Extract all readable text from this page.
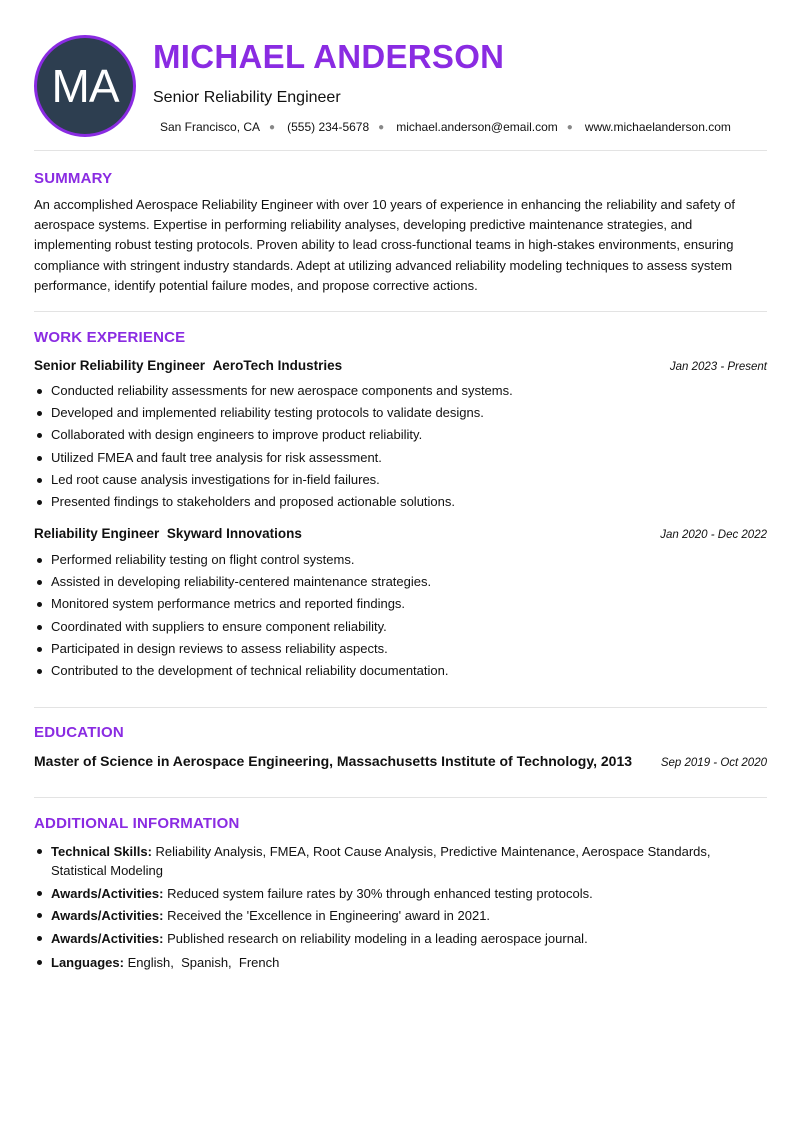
MA
MICHAEL ANDERSON
Senior Reliability Engineer
San Francisco, CA ● (555) 234-5678 ● michael.anderson@email.com ● www.michaelanderson.com
SUMMARY
An accomplished Aerospace Reliability Engineer with over 10 years of experience in enhancing the reliability and safety of aerospace systems. Expertise in performing reliability analyses, developing predictive maintenance strategies, and implementing robust testing protocols. Proven ability to lead cross-functional teams in high-stakes environments, ensuring compliance with stringent industry standards. Adept at utilizing advanced reliability modeling techniques to assess system performance, identify potential failure modes, and propose corrective actions.
WORK EXPERIENCE
Senior Reliability Engineer AeroTech Industries	Jan 2023 - Present
Conducted reliability assessments for new aerospace components and systems.
Developed and implemented reliability testing protocols to validate designs.
Collaborated with design engineers to improve product reliability.
Utilized FMEA and fault tree analysis for risk assessment.
Led root cause analysis investigations for in-field failures.
Presented findings to stakeholders and proposed actionable solutions.
Reliability Engineer Skyward Innovations	Jan 2020 - Dec 2022
Performed reliability testing on flight control systems.
Assisted in developing reliability-centered maintenance strategies.
Monitored system performance metrics and reported findings.
Coordinated with suppliers to ensure component reliability.
Participated in design reviews to assess reliability aspects.
Contributed to the development of technical reliability documentation.
EDUCATION
Master of Science in Aerospace Engineering, Massachusetts Institute of Technology, 2013	Sep 2019 - Oct 2020
ADDITIONAL INFORMATION
Technical Skills: Reliability Analysis, FMEA, Root Cause Analysis, Predictive Maintenance, Aerospace Standards, Statistical Modeling
Awards/Activities: Reduced system failure rates by 30% through enhanced testing protocols.
Awards/Activities: Received the 'Excellence in Engineering' award in 2021.
Awards/Activities: Published research on reliability modeling in a leading aerospace journal.
Languages: English,  Spanish,  French
